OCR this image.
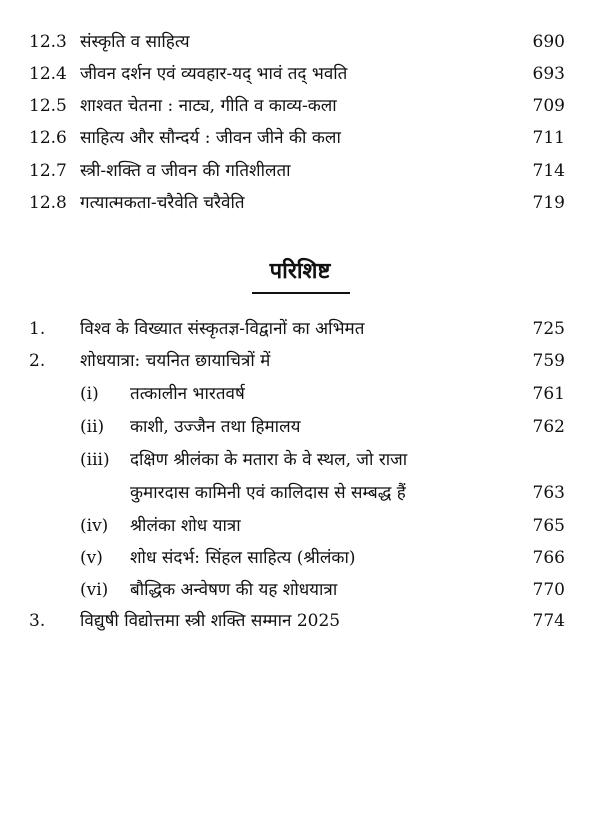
12.3 संस्कृति व साहित्य	690
12.4 जीवन दर्शन एवं व्यवहार-यद् भावं तद् भवति	693
12.5 शाश्वत चेतना : नाट्य, गीति व काव्य-कला	709
12.6 साहित्य और सौन्दर्य : जीवन जीने की कला	711
12.7 स्त्री-शक्ति व जीवन की गतिशीलता	714
12.8 गत्यात्मकता-चरैवेति चरैवेति	719
परिशिष्ट
1. विश्व के विख्यात संस्कृतज्ञ-विद्वानों का अभिमत	725
2. शोधयात्रा: चयनित छायाचित्रों में	759
(i) तत्कालीन भारतवर्ष	761
(ii) काशी, उज्जैन तथा हिमालय	762
(iii) दक्षिण श्रीलंका के मतारा के वे स्थल, जो राजा
कुमारदास कामिनी एवं कालिदास से सम्बद्ध हैं	763
(iv) श्रीलंका शोध यात्रा	765
(v) शोध संदर्भ: सिंहल साहित्य (श्रीलंका)	766
(vi) बौद्धिक अन्वेषण की यह शोधयात्रा	770
3. विद्युषी विद्योत्तमा स्त्री शक्ति सम्मान 2025	774
